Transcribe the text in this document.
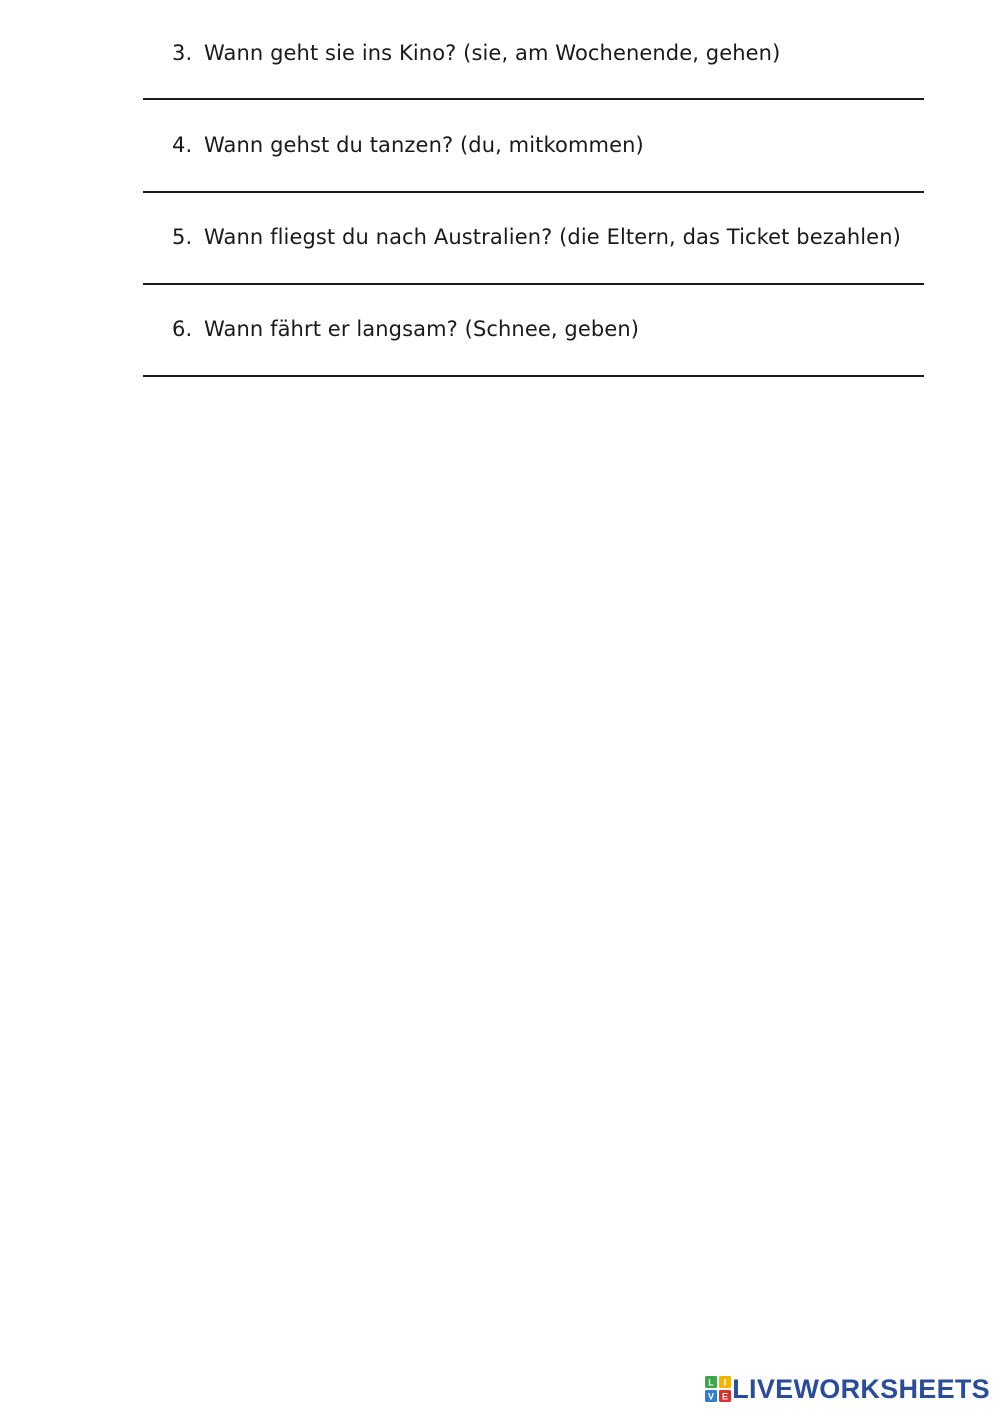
3. Wann geht sie ins Kino? (sie, am Wochenende, gehen)
4. Wann gehst du tanzen? (du, mitkommen)
5. Wann fliegst du nach Australien? (die Eltern, das Ticket bezahlen)
6. Wann fährt er langsam? (Schnee, geben)
L I
V E LIVEWORKSHEETS
